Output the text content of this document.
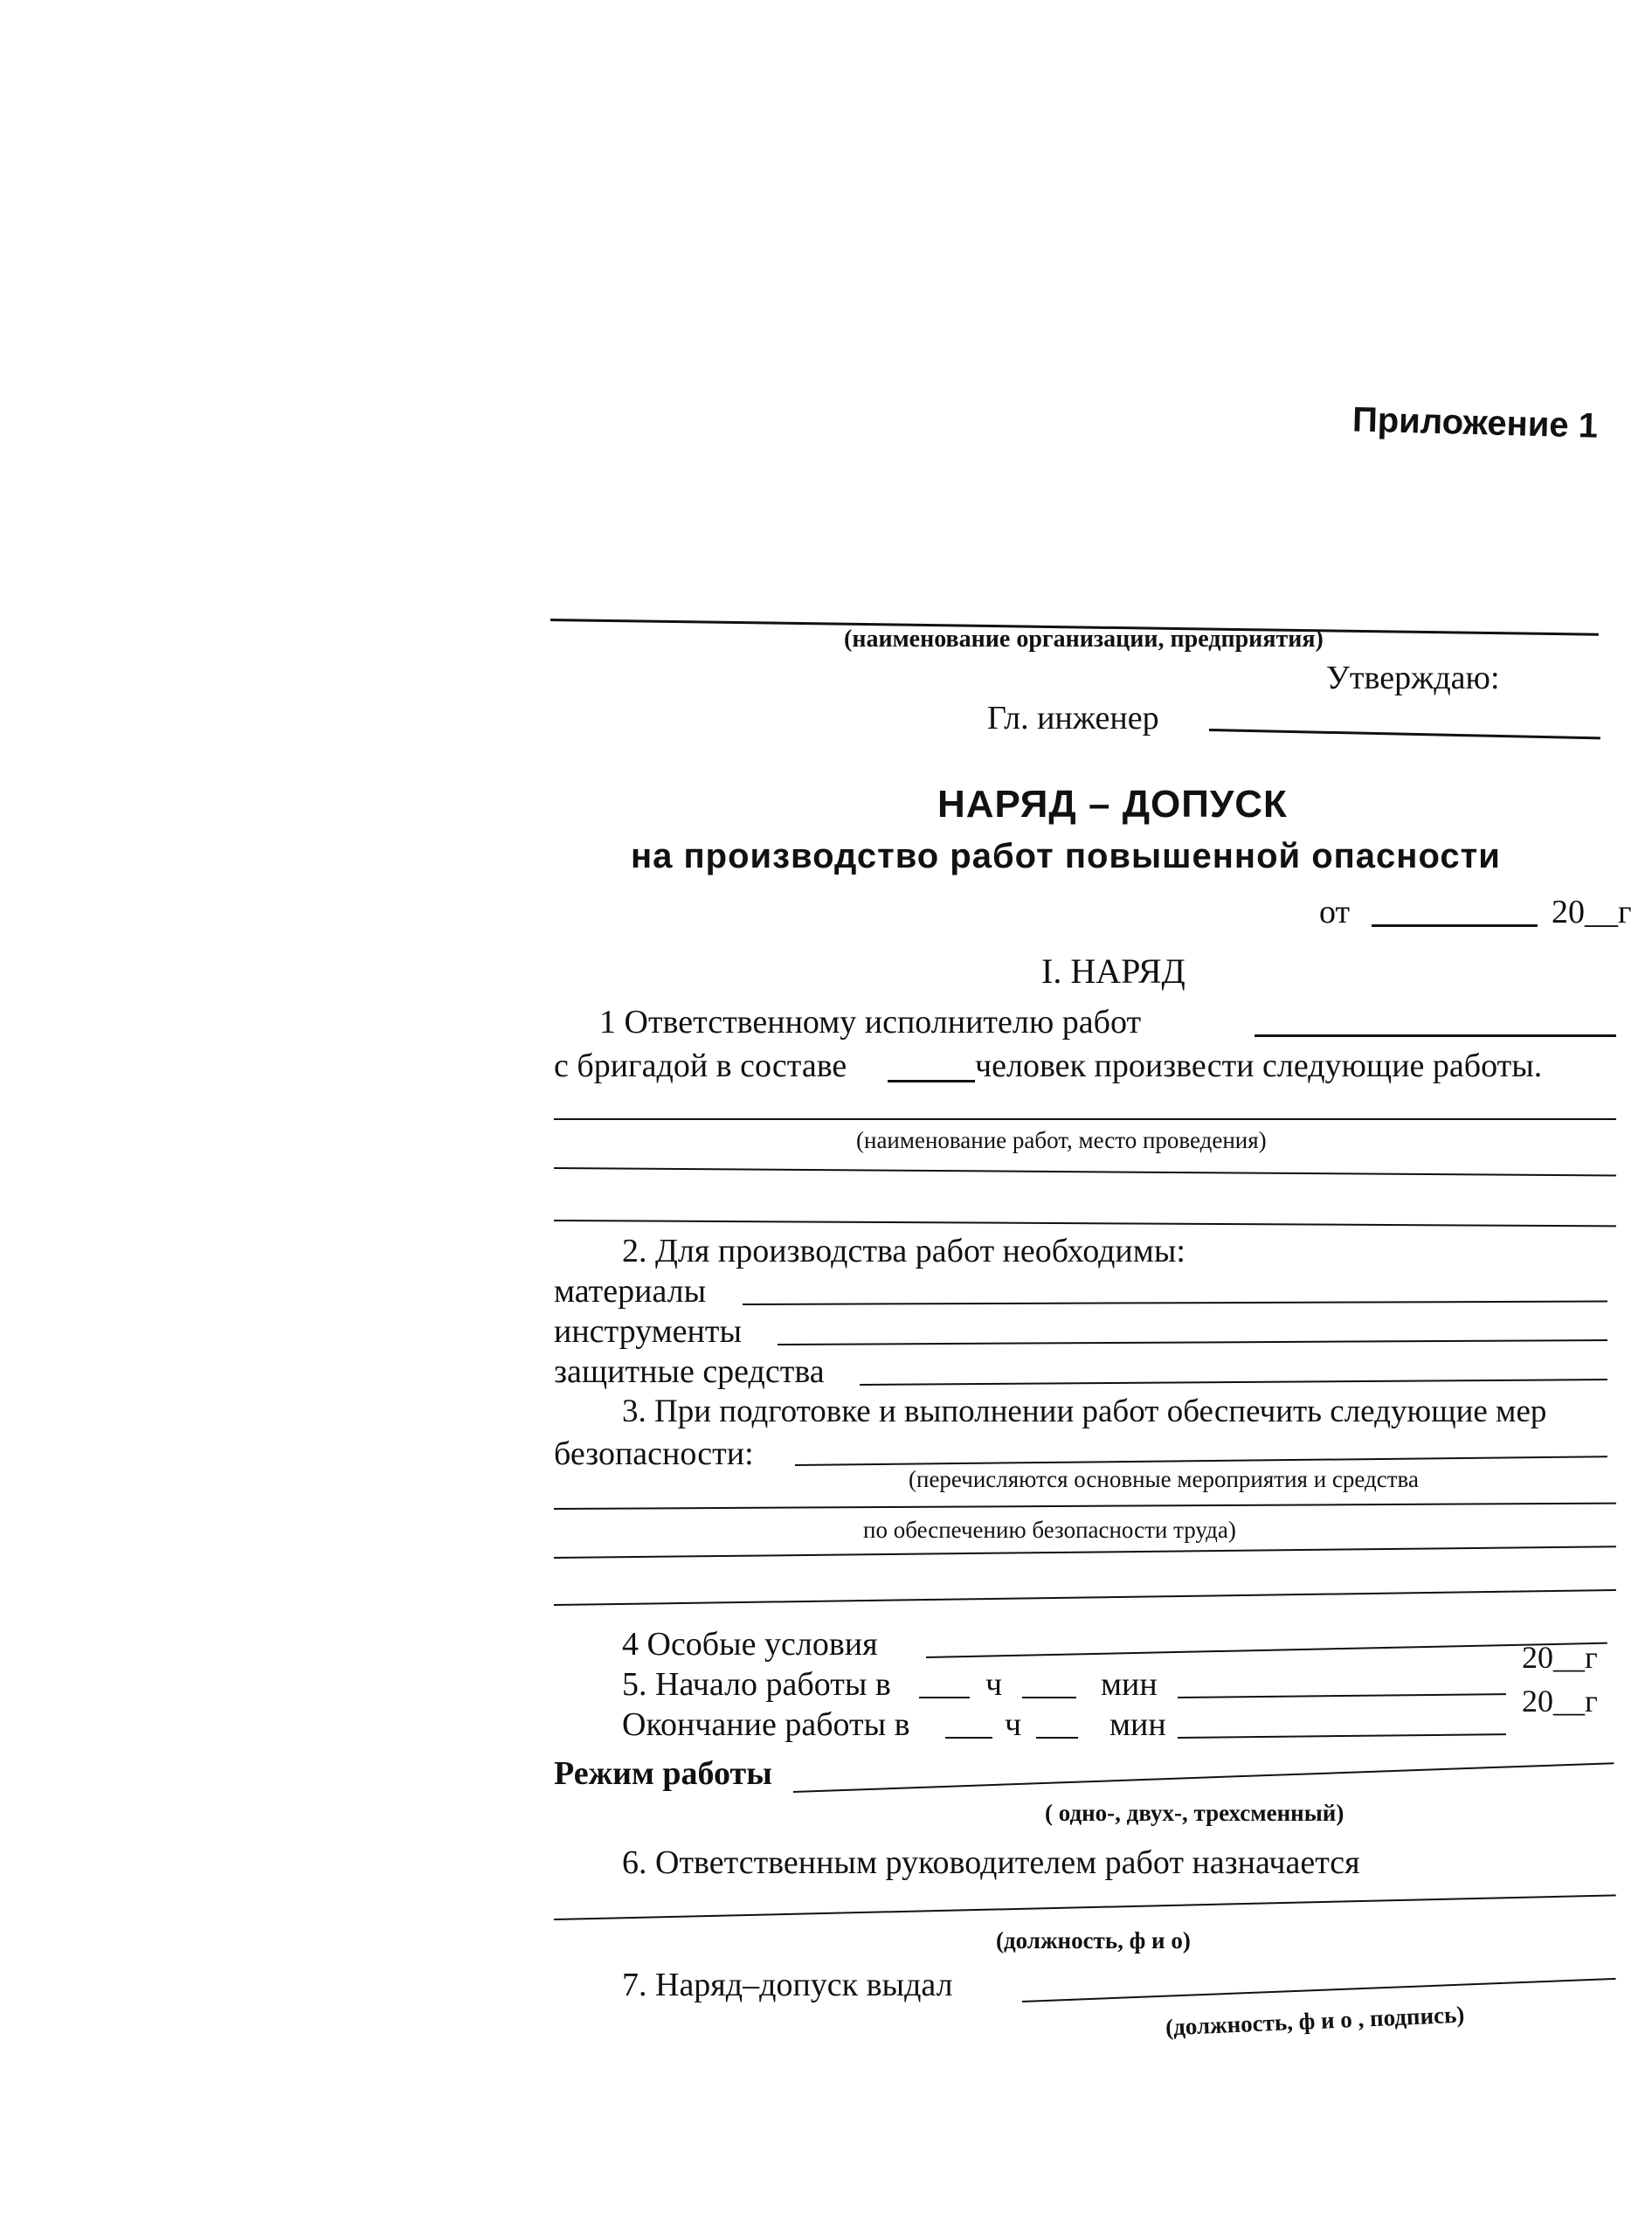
Приложение 1
(наименование организации, предприятия)
Утверждаю:
Гл. инженер
НАРЯД – ДОПУСК
на производство работ повышенной опасности
от	20__г
I. НАРЯД
1 Ответственному исполнителю работ
с бригадой в составе	человек произвести следующие работы.
(наименование работ, место проведения)
2. Для производства работ необходимы:
материалы
инструменты
защитные средства
3. При подготовке и выполнении работ обеспечить следующие мер
безопасности:
(перечисляются основные мероприятия и средства
по обеспечению безопасности труда)
4 Особые условия
5. Начало работы в	ч	мин
20__г
Окончание работы в	ч	мин
20__г
Режим работы
( одно-, двух-, трехсменный)
6. Ответственным руководителем работ назначается
(должность, ф и о)
7. Наряд–допуск выдал
(должность, ф и о , подпись)
